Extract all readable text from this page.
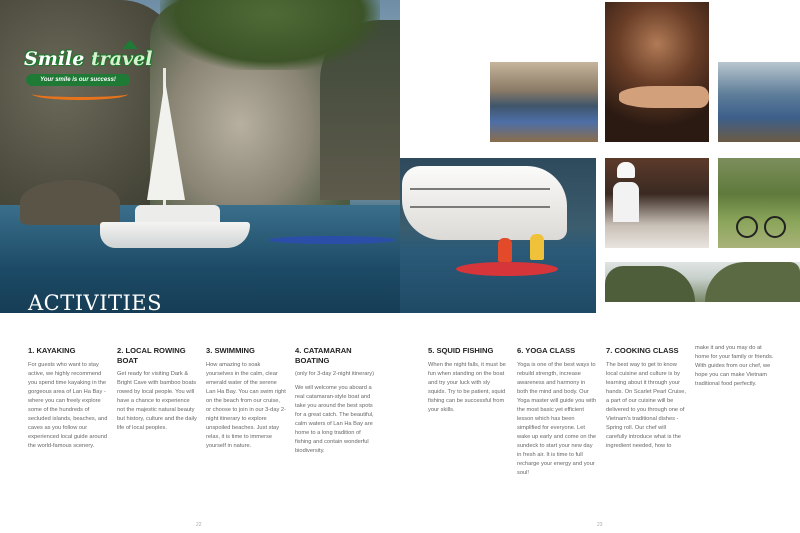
Smile travel
Your smile is our success!
ACTIVITIES
1. KAYAKING

For guests who want to stay active, we highly recommend you spend time kayaking in the gorgeous area of Lan Ha Bay - where you can freely explore some of the hundreds of secluded islands, beaches, and caves as you follow our experienced local guide around the world-famous scenery.

2. LOCAL ROWING BOAT

Get ready for visiting Dark & Bright Cave with bamboo boats rowed by local people. You will have a chance to experience not the majestic natural beauty but history, culture and the daily life of local peoples.

3. SWIMMING

How amazing to soak yourselves in the calm, clear emerald water of the serene Lan Ha Bay. You can swim right on the beach from our cruise, or choose to join in our 3-day 2-night itinerary to explore unspoiled beaches. Just stay relax, it is time to immerse yourself in nature.

4. CATAMARAN BOATING

(only for 3-day 2-night itinerary)

We will welcome you aboard a real catamaran-style boat and take you around the best spots for a great catch. The beautiful, calm waters of Lan Ha Bay are home to a long tradition of fishing and contain wonderful biodiversity.

5. SQUID FISHING

When the night falls, it must be fun when standing on the boat and try your luck with sly squids. Try to be patient, squid fishing can be successful from your skills.

6. YOGA CLASS

Yoga is one of the best ways to rebuild strength, increase awareness and harmony in both the mind and body. Our Yoga master will guide you with the most basic yet efficient lesson which has been simplified for everyone. Let wake up early and come on the sundeck to start your new day in fresh air. It is time to full recharge your energy and your soul!

7. COOKING CLASS

The best way to get to know local cuisine and culture is by learning about it through your hands. On Scarlet Pearl Cruise, a part of our cuisine will be delivered to you through one of Vietnam's traditional dishes - Spring roll. Our chef will carefully introduce what is the ingredient needed, how to

make it and you may do at home for your family or friends. With guides from our chef, we hope you can make Vietnam traditional food perfectly.

22	23
